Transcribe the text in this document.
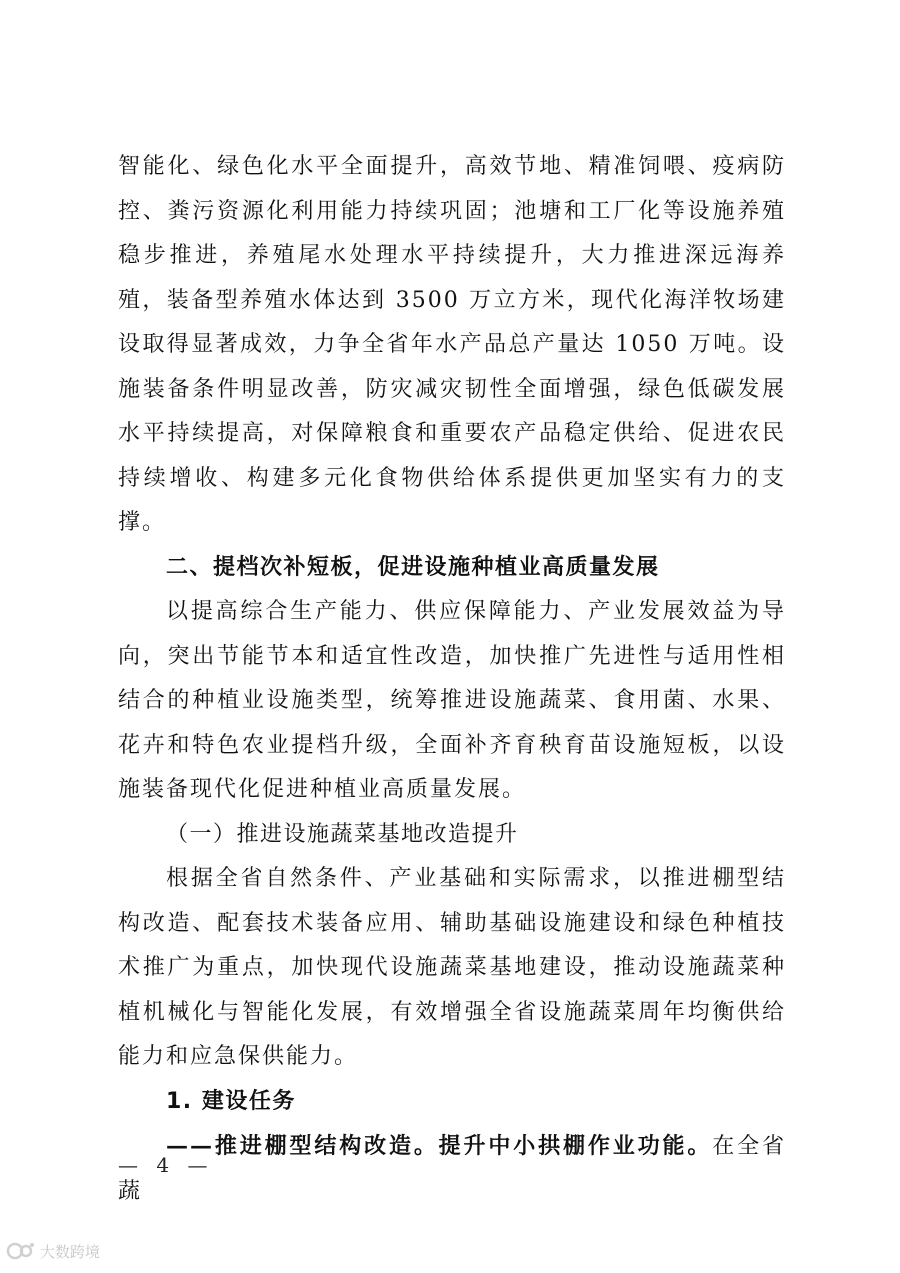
智能化、绿色化水平全面提升，高效节地、精准饲喂、疫病防控、粪污资源化利用能力持续巩固；池塘和工厂化等设施养殖稳步推进，养殖尾水处理水平持续提升，大力推进深远海养殖，装备型养殖水体达到 3500 万立方米，现代化海洋牧场建设取得显著成效，力争全省年水产品总产量达 1050 万吨。设施装备条件明显改善，防灾减灾韧性全面增强，绿色低碳发展水平持续提高，对保障粮食和重要农产品稳定供给、促进农民持续增收、构建多元化食物供给体系提供更加坚实有力的支撑。

二、提档次补短板，促进设施种植业高质量发展

以提高综合生产能力、供应保障能力、产业发展效益为导向，突出节能节本和适宜性改造，加快推广先进性与适用性相结合的种植业设施类型，统筹推进设施蔬菜、食用菌、水果、花卉和特色农业提档升级，全面补齐育秧育苗设施短板，以设施装备现代化促进种植业高质量发展。

（一）推进设施蔬菜基地改造提升

根据全省自然条件、产业基础和实际需求，以推进棚型结构改造、配套技术装备应用、辅助基础设施建设和绿色种植技术推广为重点，加快现代设施蔬菜基地建设，推动设施蔬菜种植机械化与智能化发展，有效增强全省设施蔬菜周年均衡供给能力和应急保供能力。

1. 建设任务

——推进棚型结构改造。提升中小拱棚作业功能。在全省蔬

— 4 —
大数跨境
